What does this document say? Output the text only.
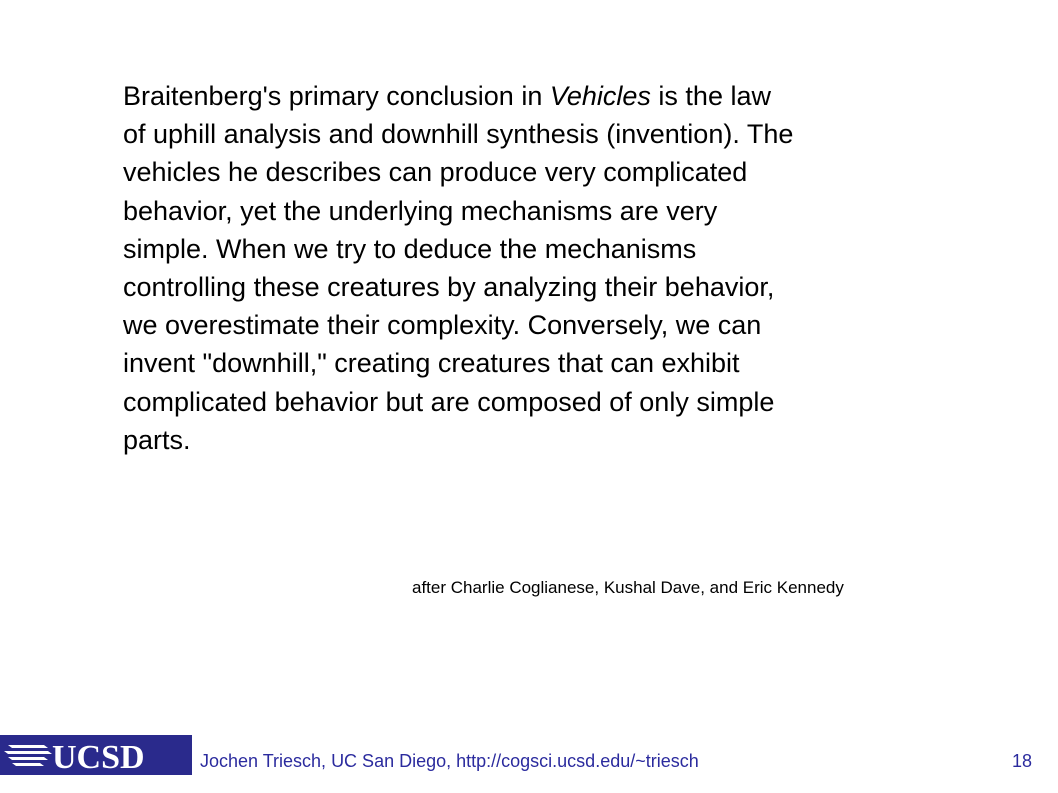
Braitenberg's primary conclusion in Vehicles is the law
of uphill analysis and downhill synthesis (invention). The
vehicles he describes can produce very complicated
behavior, yet the underlying mechanisms are very
simple. When we try to deduce the mechanisms
controlling these creatures by analyzing their behavior,
we overestimate their complexity. Conversely, we can
invent "downhill," creating creatures that can exhibit
complicated behavior but are composed of only simple
parts.
after Charlie Coglianese, Kushal Dave, and Eric Kennedy
UCSD	Jochen Triesch, UC San Diego, http://cogsci.ucsd.edu/~triesch	18
